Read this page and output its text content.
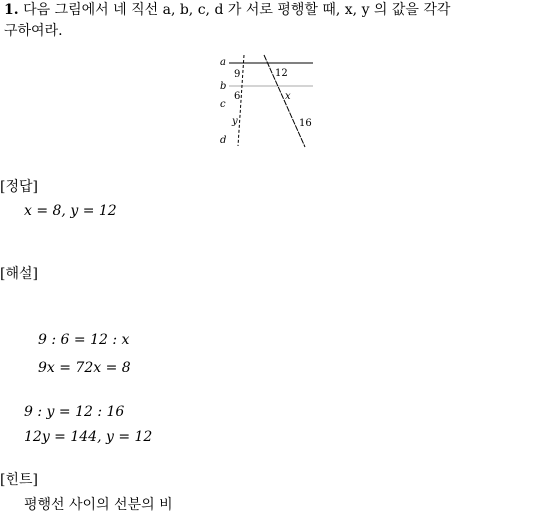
1. 다음 그림에서 네 직선 a, b, c, d 가 서로 평행할 때, x, y 의 값을 각각
구하여라.
a
b
c
d
9	12
6	x
y	16
[정답]
x = 8, y = 12
[해설]
9 : 6 = 12 : x
9x = 72x = 8
9 : y = 12 : 16
12y = 144, y = 12
[힌트]
평행선 사이의 선분의 비
